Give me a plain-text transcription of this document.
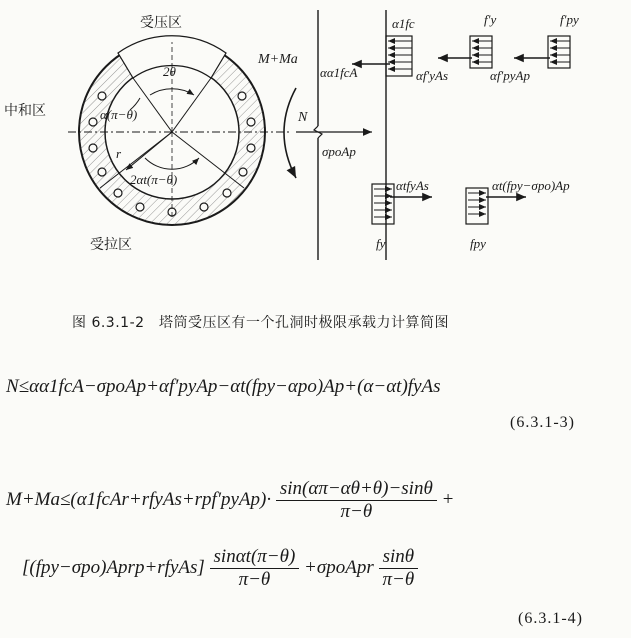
受压区
中和区
受拉区
2θ
α(π−θ)
r
2αt(π−θ)
M+Ma
N
αα1fcA	αf′yAs	αf′pyAp
σpoAp
αtfyAs	αt(fpy−σpo)Ap
α1fc	f′y	f′py
fy	fpy
图 6.3.1-2　塔筒受压区有一个孔洞时极限承载力计算简图
N≤αα1fcA−σpoAp+αf′pyAp−αt(fpy−αpo)Ap+(α−αt)fyAs
(6.3.1-3)
M+Ma≤(α1fcAr+rfyAs+rpf′pyAp)· $\frac{\sin(\alpha\pi-\alpha\theta+\theta)-\sin\theta}{\pi-\theta}$ +
[(fpy−σpo)Aprp+rfyAs] $\frac{\sin\alpha t(\pi-\theta)}{\pi-\theta}$ +σpoApr $\frac{\sin\theta}{\pi-\theta}$
(6.3.1-4)
